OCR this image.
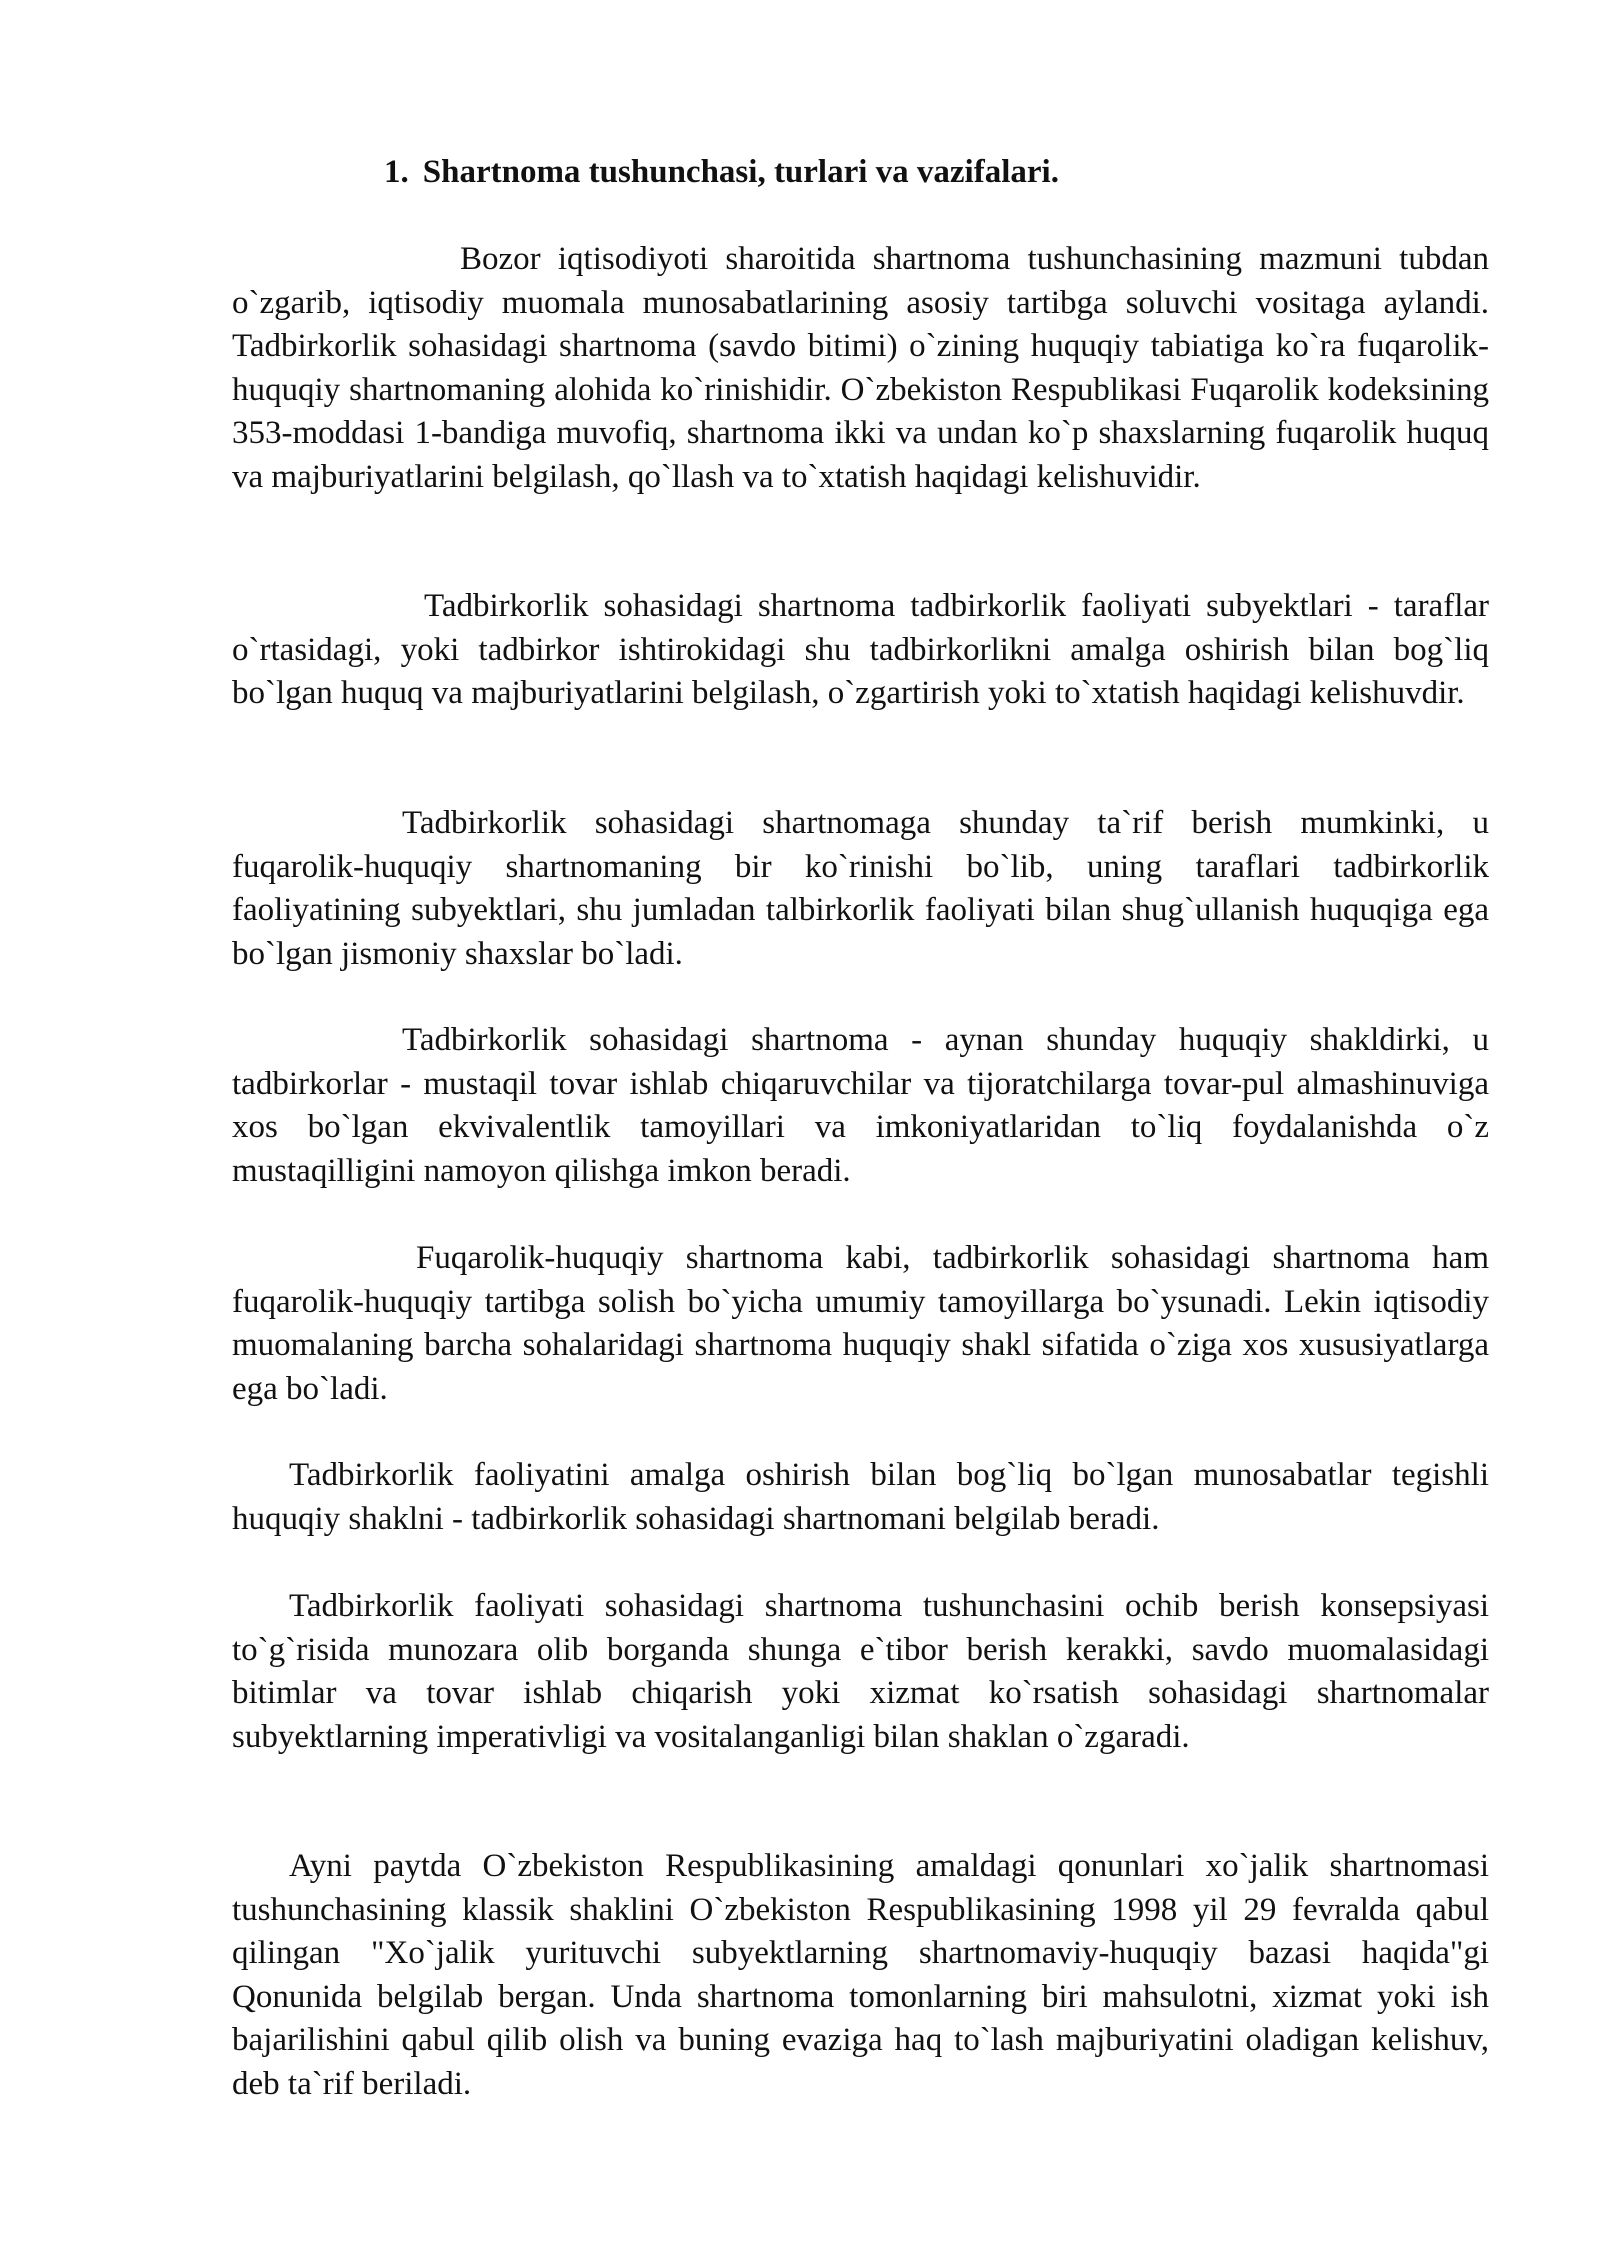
1. Shartnoma tushunchasi, turlari va vazifalari.

Bozor iqtisodiyoti sharoitida shartnoma tushunchasining mazmuni tubdan o`zgarib, iqtisodiy muomala munosabatlarining asosiy tartibga soluvchi vositaga aylandi. Tadbirkorlik sohasidagi shartnoma (savdo bitimi) o`zining huquqiy tabiatiga ko`ra fuqarolik-huquqiy shartnomaning alohida ko`rinishidir. O`zbekiston Respublikasi Fuqarolik kodeksining 353-moddasi 1-bandiga muvofiq, shartnoma ikki va undan ko`p shaxslarning fuqarolik huquq va majburiyatlarini belgilash, qo`llash va to`xtatish haqidagi kelishuvidir.

Tadbirkorlik sohasidagi shartnoma tadbirkorlik faoliyati subyektlari - taraflar o`rtasidagi, yoki tadbirkor ishtirokidagi shu tadbirkorlikni amalga oshirish bilan bog`liq bo`lgan huquq va majburiyatlarini belgilash, o`zgartirish yoki to`xtatish haqidagi kelishuvdir.

Tadbirkorlik sohasidagi shartnomaga shunday ta`rif berish mumkinki, u fuqarolik-huquqiy shartnomaning bir ko`rinishi bo`lib, uning taraflari tadbirkorlik faoliyatining subyektlari, shu jumladan talbirkorlik faoliyati bilan shug`ullanish huquqiga ega bo`lgan jismoniy shaxslar bo`ladi.

Tadbirkorlik sohasidagi shartnoma - aynan shunday huquqiy shakldirki, u tadbirkorlar - mustaqil tovar ishlab chiqaruvchilar va tijoratchilarga tovar-pul almashinuviga xos bo`lgan ekvivalentlik tamoyillari va imkoniyatlaridan to`liq foydalanishda o`z mustaqilligini namoyon qilishga imkon beradi.

Fuqarolik-huquqiy shartnoma kabi, tadbirkorlik sohasidagi shartnoma ham fuqarolik-huquqiy tartibga solish bo`yicha umumiy tamoyillarga bo`ysunadi. Lekin iqtisodiy muomalaning barcha sohalaridagi shartnoma huquqiy shakl sifatida o`ziga xos xususiyatlarga ega bo`ladi.

Tadbirkorlik faoliyatini amalga oshirish bilan bog`liq bo`lgan munosabatlar tegishli huquqiy shaklni - tadbirkorlik sohasidagi shartnomani belgilab beradi.

Tadbirkorlik faoliyati sohasidagi shartnoma tushunchasini ochib berish konsepsiyasi to`g`risida munozara olib borganda shunga e`tibor berish kerakki, savdo muomalasidagi bitimlar va tovar ishlab chiqarish yoki xizmat ko`rsatish sohasidagi shartnomalar subyektlarning imperativligi va vositalanganligi bilan shaklan o`zgaradi.

Ayni paytda O`zbekiston Respublikasining amaldagi qonunlari xo`jalik shartnomasi tushunchasining klassik shaklini O`zbekiston Respublikasining 1998 yil 29 fevralda qabul qilingan "Xo`jalik yurituvchi subyektlarning shartnomaviy-huquqiy bazasi haqida"gi Qonunida belgilab bergan. Unda shartnoma tomonlarning biri mahsulotni, xizmat yoki ish bajarilishini qabul qilib olish va buning evaziga haq to`lash majburiyatini oladigan kelishuv, deb ta`rif beriladi.
